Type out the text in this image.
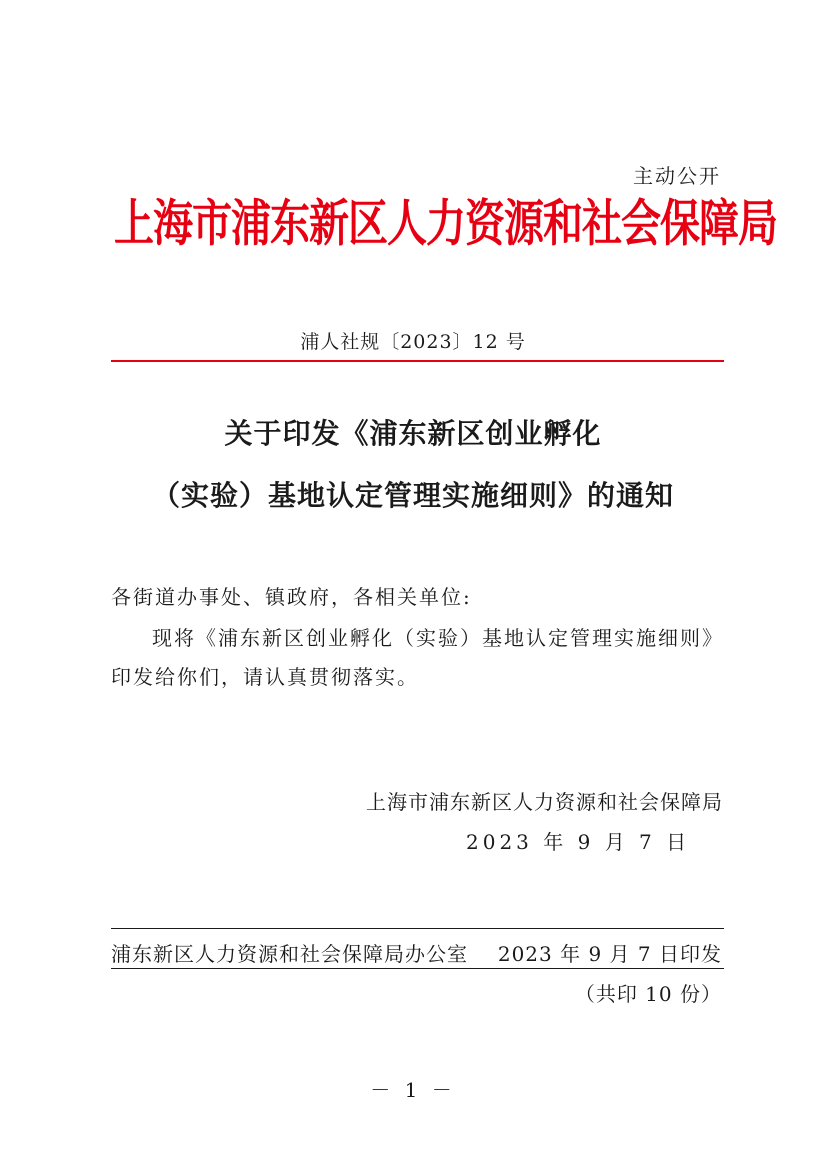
主动公开
上海市浦东新区人力资源和社会保障局
浦人社规〔2023〕12 号
关于印发《浦东新区创业孵化
（实验）基地认定管理实施细则》的通知
各街道办事处、镇政府，各相关单位:
现将《浦东新区创业孵化（实验）基地认定管理实施细则》
印发给你们，请认真贯彻落实。
上海市浦东新区人力资源和社会保障局
2023 年 9 月 7 日
浦东新区人力资源和社会保障局办公室 2023 年 9 月 7 日印发
（共印 10 份）
－ 1 －
